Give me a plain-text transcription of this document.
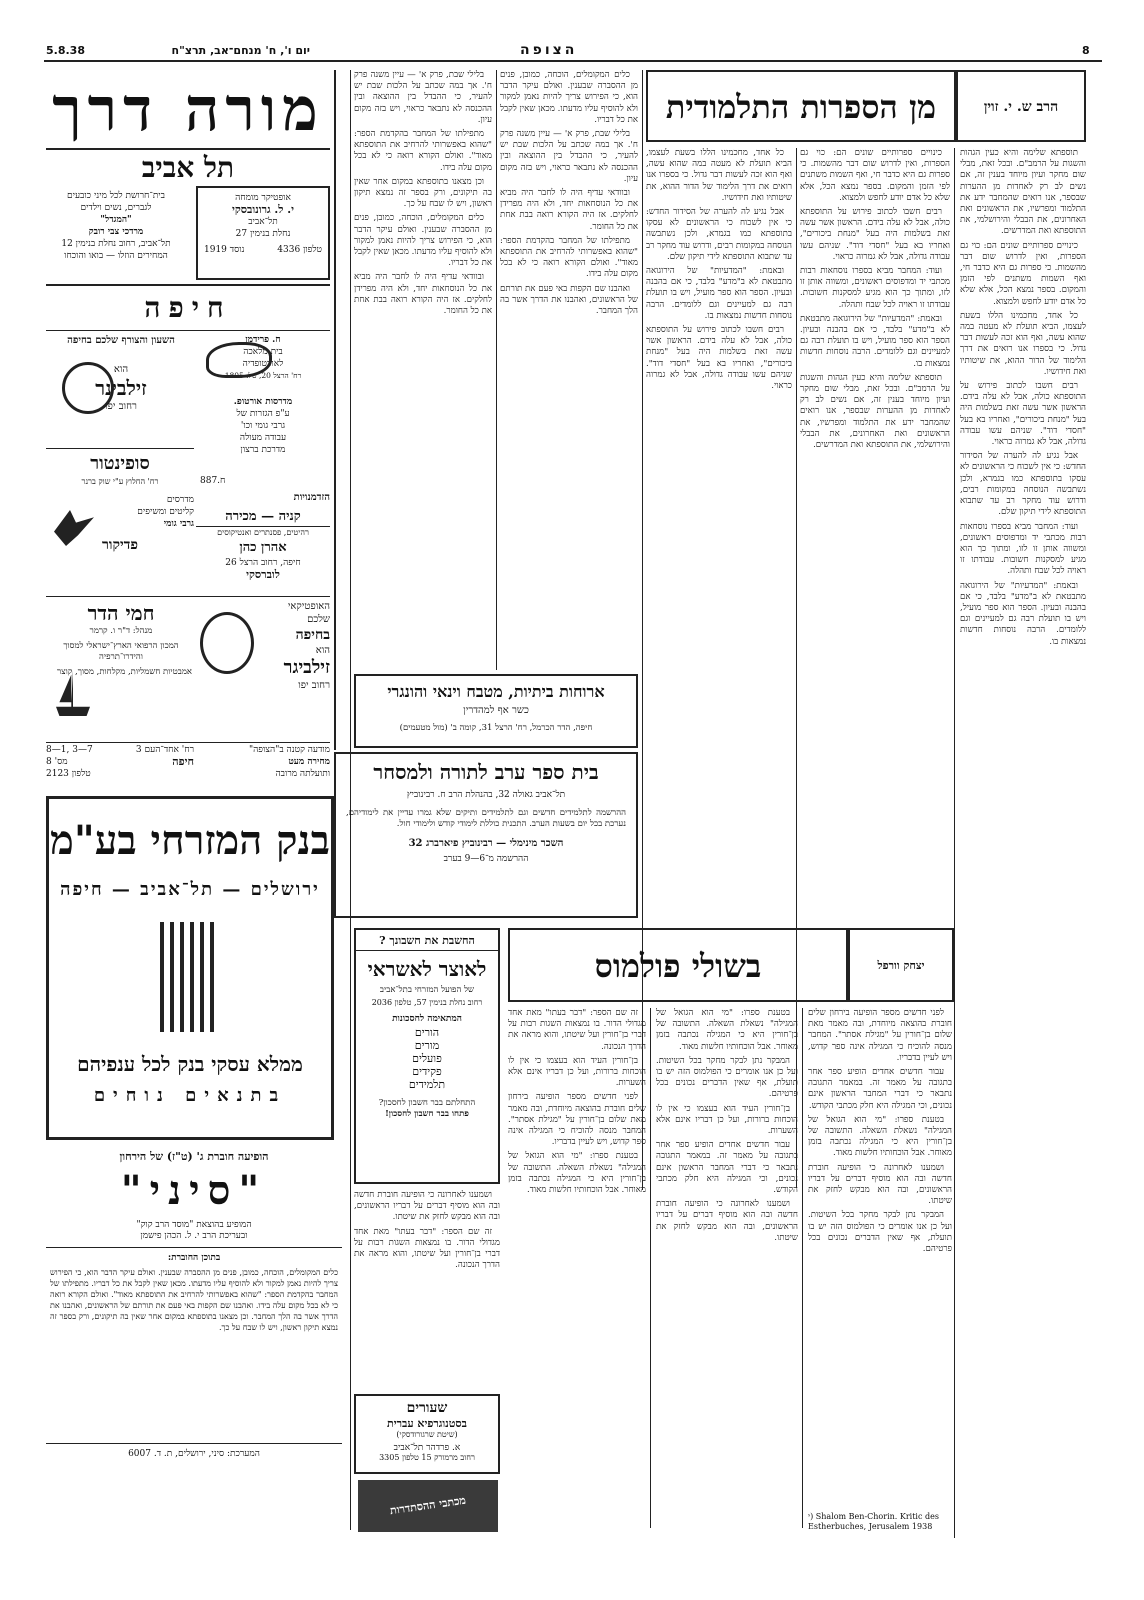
5.8.38	יום ו', ח' מנחם־אב, תרצ"ח	הצופה	8
מן הספרות התלמודית	הרב ש. י. זוין

תוספתא שלימה והיא כעין הגהות והשגות על הרמב"ם. ובכל זאת, מבלי שום מחקר ועיון מיוחד בענין זה, אם נשים לב רק לאחדות מן ההערות שבספר, אנו רואים שהמחבר ידע את התלמוד ומפרשיו, את הראשונים ואת האחרונים, את הבבלי והירושלמי, את התוספתא ואת המדרשים.

כינויים ספרותיים שונים הם: כוי גם הספרות, ואין לדרוש שום דבר מהשמות. כי ספרות גם היא כדבר חי, ואף השמות משתנים לפי הזמן והמקום. בספר נמצא הכל, אלא שלא כל אדם יודע לחפש ולמצוא.

כל אחד, מחכמינו הללו בשעת לעצמו, הביא תועלת לא מעטה במה שהוא עשה, ואף הוא זכה לעשות דבר גדול. כי בספרו אנו רואים את דרך הלימוד של הדור ההוא, את שיטותיו ואת חידושיו.

רבים חשבו לכתוב פירוש על התוספתא כולה, אבל לא עלה בידם. הראשון אשר עשה זאת בשלמות היה בעל "מנחת ביכורים", ואחריו בא בעל "חסדי דוד". שניהם עשו עבודה גדולה, אבל לא גמרוה כראוי.

אבל נגיע לה להערה של הסידור החדש: כי אין לשכוח כי הראשונים לא עסקו בתוספתא כמו בגמרא, ולכן נשתבשה הנוסחה במקומות רבים, ודרוש עוד מחקר רב עד שתבוא התוספתא לידי תיקון שלם.

ועוד: המחבר מביא בספרו נוסחאות רבות מכתבי יד ומדפוסים ראשונים, ומשווה אותן זו לזו, ומתוך כך הוא מגיע למסקנות חשובות. עבודתו זו ראויה לכל שבח ותהלה.

ובאמת: "המדעיות" של הירוגואה מתבטאת לא ב"מדע" בלבד, כי אם בהבנה ובעיון. הספר הוא ספר מועיל, ויש בו תועלת רבה גם למעיינים וגם ללומדים. הרבה נוסחות חדשות נמצאות בו.

כינויים ספרותיים שונים הם: כוי גם הספרות, ואין לדרוש שום דבר מהשמות. כי ספרות גם היא כדבר חי, ואף השמות משתנים לפי הזמן והמקום. בספר נמצא הכל, אלא שלא כל אדם יודע לחפש ולמצוא.

רבים חשבו לכתוב פירוש על התוספתא כולה, אבל לא עלה בידם. הראשון אשר עשה זאת בשלמות היה בעל "מנחת ביכורים", ואחריו בא בעל "חסדי דוד". שניהם עשו עבודה גדולה, אבל לא גמרוה כראוי.

ועוד: המחבר מביא בספרו נוסחאות רבות מכתבי יד ומדפוסים ראשונים, ומשווה אותן זו לזו, ומתוך כך הוא מגיע למסקנות חשובות. עבודתו זו ראויה לכל שבח ותהלה.

ובאמת: "המדעיות" של הירוגואה מתבטאת לא ב"מדע" בלבד, כי אם בהבנה ובעיון. הספר הוא ספר מועיל, ויש בו תועלת רבה גם למעיינים וגם ללומדים. הרבה נוסחות חדשות נמצאות בו.

תוספתא שלימה והיא כעין הגהות והשגות על הרמב"ם. ובכל זאת, מבלי שום מחקר ועיון מיוחד בענין זה, אם נשים לב רק לאחדות מן ההערות שבספר, אנו רואים שהמחבר ידע את התלמוד ומפרשיו, את הראשונים ואת האחרונים, את הבבלי והירושלמי, את התוספתא ואת המדרשים.

כל אחד, מחכמינו הללו בשעת לעצמו, הביא תועלת לא מעטה במה שהוא עשה, ואף הוא זכה לעשות דבר גדול. כי בספרו אנו רואים את דרך הלימוד של הדור ההוא, את שיטותיו ואת חידושיו.

אבל נגיע לה להערה של הסידור החדש: כי אין לשכוח כי הראשונים לא עסקו בתוספתא כמו בגמרא, ולכן נשתבשה הנוסחה במקומות רבים, ודרוש עוד מחקר רב עד שתבוא התוספתא לידי תיקון שלם.

ובאמת: "המדעיות" של הירוגואה מתבטאת לא ב"מדע" בלבד, כי אם בהבנה ובעיון. הספר הוא ספר מועיל, ויש בו תועלת רבה גם למעיינים וגם ללומדים. הרבה נוסחות חדשות נמצאות בו.

רבים חשבו לכתוב פירוש על התוספתא כולה, אבל לא עלה בידם. הראשון אשר עשה זאת בשלמות היה בעל "מנחת ביכורים", ואחריו בא בעל "חסדי דוד". שניהם עשו עבודה גדולה, אבל לא גמרוה כראוי.

כלים המקומלים, הוכחה, כמובן, פנים מן ההסברה שבענין. ואולם עיקר הדבר הוא, כי הפירוש צריך להיות נאמן למקור ולא להוסיף עליו מדעתו. מכאן שאין לקבל את כל דבריו.

בלילי שבת, פרק א' — עיין משנה פרק ח'. אך במה שכתב על הלכות שבת יש להעיר, כי ההבדל בין ההוצאה ובין ההכנסה לא נתבאר כראוי, ויש בזה מקום עיון.

ובוודאי עדיף היה לו לחבר היה מביא את כל הנוסחאות יחד, ולא היה מפרידן לחלקים. אז היה הקורא רואה בבת אחת את כל החומר.

מתפילתו של המחבר בהקדמת הספר: "שהוא באפשרותי להרחיב את התוספתא מאוד". ואולם הקורא רואה כי לא בכל מקום עלה בידו.

ואהבנו שם הקפות באי פעם את תורתם של הראשונים, ואהבנו את הדרך אשר בה הלך המחבר.

בלילי שבת, פרק א' — עיין משנה פרק ח'. אך במה שכתב על הלכות שבת יש להעיר, כי ההבדל בין ההוצאה ובין ההכנסה לא נתבאר כראוי, ויש בזה מקום עיון.

מתפילתו של המחבר בהקדמת הספר: "שהוא באפשרותי להרחיב את התוספתא מאוד". ואולם הקורא רואה כי לא בכל מקום עלה בידו.

וכן מצאנו בתוספתא במקום אחר שאין בה תיקונים, ורק בספר זה נמצא תיקון ראשון, ויש לו שבח על כך.

כלים המקומלים, הוכחה, כמובן, פנים מן ההסברה שבענין. ואולם עיקר הדבר הוא, כי הפירוש צריך להיות נאמן למקור ולא להוסיף עליו מדעתו. מכאן שאין לקבל את כל דבריו.

ובוודאי עדיף היה לו לחבר היה מביא את כל הנוסחאות יחד, ולא היה מפרידן לחלקים. אז היה הקורא רואה בבת אחת את כל החומר.

ארוחות ביתיות, מטבח וינאי והונגרי
כשר אף למהדרין
חיפה, הדר הכרמל, רח' הרצל 31, קומה ב' (מול מטעמים)
בית ספר ערב לתורה ולמסחר
תל־אביב גאולה 32, בהנהלת הרב ח. רבינוביץ
ההרשמה לתלמידים חדשים וגם לתלמידים ותיקים שלא גמרו עדיין את לימודיהם, נערכת בכל יום בשעות הערב. התכנית כוללת לימודי קודש ולימודי חול.
השכר מינימלי — רבינוביץ פיארברג 32
ההרשמה מ־6—9 בערב
בשולי פולמוס	יצחק וורפל

לפני חדשים מספר הופיעה בירחון שלים חוברת בהוצאה מיוחדת, ובה מאמר מאת שלום בן־חורין על "מגילת אסתר". המחבר מנסה להוכיח כי המגילה אינה ספר קדוש, ויש לעיין בדבריו.

עבור חדשים אחדים הופיע ספר אחר בתגובה על מאמר זה. במאמר התגובה נתבאר כי דברי המחבר הראשון אינם נכונים, וכי המגילה היא חלק מכתבי הקודש.

בטענת ספרו: "מי הוא הגואל של המגילה" נשאלת השאלה. התשובה של בן־חורין היא כי המגילה נכתבה בזמן מאוחר. אבל הוכחותיו חלשות מאוד.

ושמענו לאחרונה כי הופיעה חוברת חדשה ובה הוא מוסיף דברים על דבריו הראשונים, ובה הוא מבקש לחזק את שיטתו.

המבקר נתן לבקר מחקר בכל השיטות. ועל כן אנו אומרים כי הפולמוס הזה יש בו תועלת, אף שאין הדברים נכונים בכל פרטיהם.

י) Shalom Ben-Chorin. Kritic des Estherbuches, Jerusalem 1938

בטענת ספרו: "מי הוא הגואל של המגילה" נשאלת השאלה. התשובה של בן־חורין היא כי המגילה נכתבה בזמן מאוחר. אבל הוכחותיו חלשות מאוד.

המבקר נתן לבקר מחקר בכל השיטות. ועל כן אנו אומרים כי הפולמוס הזה יש בו תועלת, אף שאין הדברים נכונים בכל פרטיהם.

בן־חורין העיד הוא בעצמו כי אין לו הוכחות ברורות, ועל כן דבריו אינם אלא השערות.

עבור חדשים אחדים הופיע ספר אחר בתגובה על מאמר זה. במאמר התגובה נתבאר כי דברי המחבר הראשון אינם נכונים, וכי המגילה היא חלק מכתבי הקודש.

ושמענו לאחרונה כי הופיעה חוברת חדשה ובה הוא מוסיף דברים על דבריו הראשונים, ובה הוא מבקש לחזק את שיטתו.

זה שם הספר: "דבר בעתו" מאת אחד מגדולי הדור. בו נמצאות השגות רבות על דברי בן־חורין ועל שיטתו, והוא מראה את הדרך הנכונה.

בן־חורין העיד הוא בעצמו כי אין לו הוכחות ברורות, ועל כן דבריו אינם אלא השערות.

לפני חדשים מספר הופיעה בירחון שלים חוברת בהוצאה מיוחדת, ובה מאמר מאת שלום בן־חורין על "מגילת אסתר". המחבר מנסה להוכיח כי המגילה אינה ספר קדוש, ויש לעיין בדבריו.

בטענת ספרו: "מי הוא הגואל של המגילה" נשאלת השאלה. התשובה של בן־חורין היא כי המגילה נכתבה בזמן מאוחר. אבל הוכחותיו חלשות מאוד.

החשבת את חשבונך ?
לאוצר לאשראי
של הפועל המזרחי בתל־אביב
רחוב נחלת בנימין 57, טלפון 2036
המתאימה לחסכונות
הורים
מורים
פועלים
פקידים
תלמידים
התחלתם בבר חשבון לחסכון?
פתחו בבר חשבון לחסכון!

ושמענו לאחרונה כי הופיעה חוברת חדשה ובה הוא מוסיף דברים על דבריו הראשונים, ובה הוא מבקש לחזק את שיטתו.

זה שם הספר: "דבר בעתו" מאת אחד מגדולי הדור. בו נמצאות השגות רבות על דברי בן־חורין ועל שיטתו, והוא מראה את הדרך הנכונה.

שעורים
בסטנוגרפיא עברית
(שיטת שרגורודסקי)
א. פרדהר תל־אביב
רחוב מרמורק 15 טלפון 3305
מכתבי ההסתדרות
מורה דרך
תל אביב
בית־חרושת לכל מיני כובעים
לגברים, נשים וילדים
"המגדל"
מרדכי צבי רובק
תל־אביב, רחוב נחלת בנימין 12
המחירים הוזלו — בואו והוכחו
אופטיקר מומחה
י. ל. גרונובסקי
תל־אביב
נחלת בנימין 27
טלפון 4336
נוסד 1919
חיפה
ח. פרידמן
בית מלאכה
לאורטופדיה
רח' הרצל 20, טל. 1805
השעון והצורף שלכם בחיפה
הוא
זילבינר
רחוב יפו	מדרסות אורטופ.
ע"פ הגזרות של
גרבי גומי וכו'
עבודה מעולה
מדרכת ברצון
887.ח
הזדמנויות
סופינטור
רח' החלוץ ע"י שוק ברנר
מדרסים
קליטים ומשיפים
גרבי גומי
פדיקור
קניה — מכירה
רהיטים, פסנתרים ואנטיקוסים
אהרן כהן
חיפה, רחוב הרצל 26
לוברסקי
חמי הדר
מנהל: ד"ר ו. קרמר
המכון הרפואי הארץ־ישראלי למסוך והידרו־תרפיה
אמבטיות חשמליות, מקלחות, מסוך, קוצר
האופטיקאי
שלכם
בחיפה
הוא
זילביגר
רחוב יפו
מודעה קטנה ב"הצופה"
מחירה מעט
ותועלתה מרובה
רח' אחד־העם 3
7—3 ,1—8
חיפה
מס' 8
טלפון 2123
בנק המזרחי בע"מ
ירושלים — תל־אביב — חיפה
ממלא עסקי בנק לכל ענפיהם
בתנאים נוחים
הופיעה חוברת ג' (ט"ז) של הירחון
"סיני"
המופיע בהוצאת "מוסד הרב קוק"
ובעריכת הרב י. ל. הכהן פישמן
בתוכן החוברת:
כלים המקומלים, הוכחה, כמובן, פנים מן ההסברה שבענין. ואולם עיקר הדבר הוא, כי הפירוש צריך להיות נאמן למקור ולא להוסיף עליו מדעתו. מכאן שאין לקבל את כל דבריו. מתפילתו של המחבר בהקדמת הספר: "שהוא באפשרותי להרחיב את התוספתא מאוד". ואולם הקורא רואה כי לא בכל מקום עלה בידו. ואהבנו שם הקפות באי פעם את תורתם של הראשונים, ואהבנו את הדרך אשר בה הלך המחבר. וכן מצאנו בתוספתא במקום אחר שאין בה תיקונים, ורק בספר זה נמצא תיקון ראשון, ויש לו שבח על כך.
המערכת: סיני, ירושלים, ת. ד. 6007
